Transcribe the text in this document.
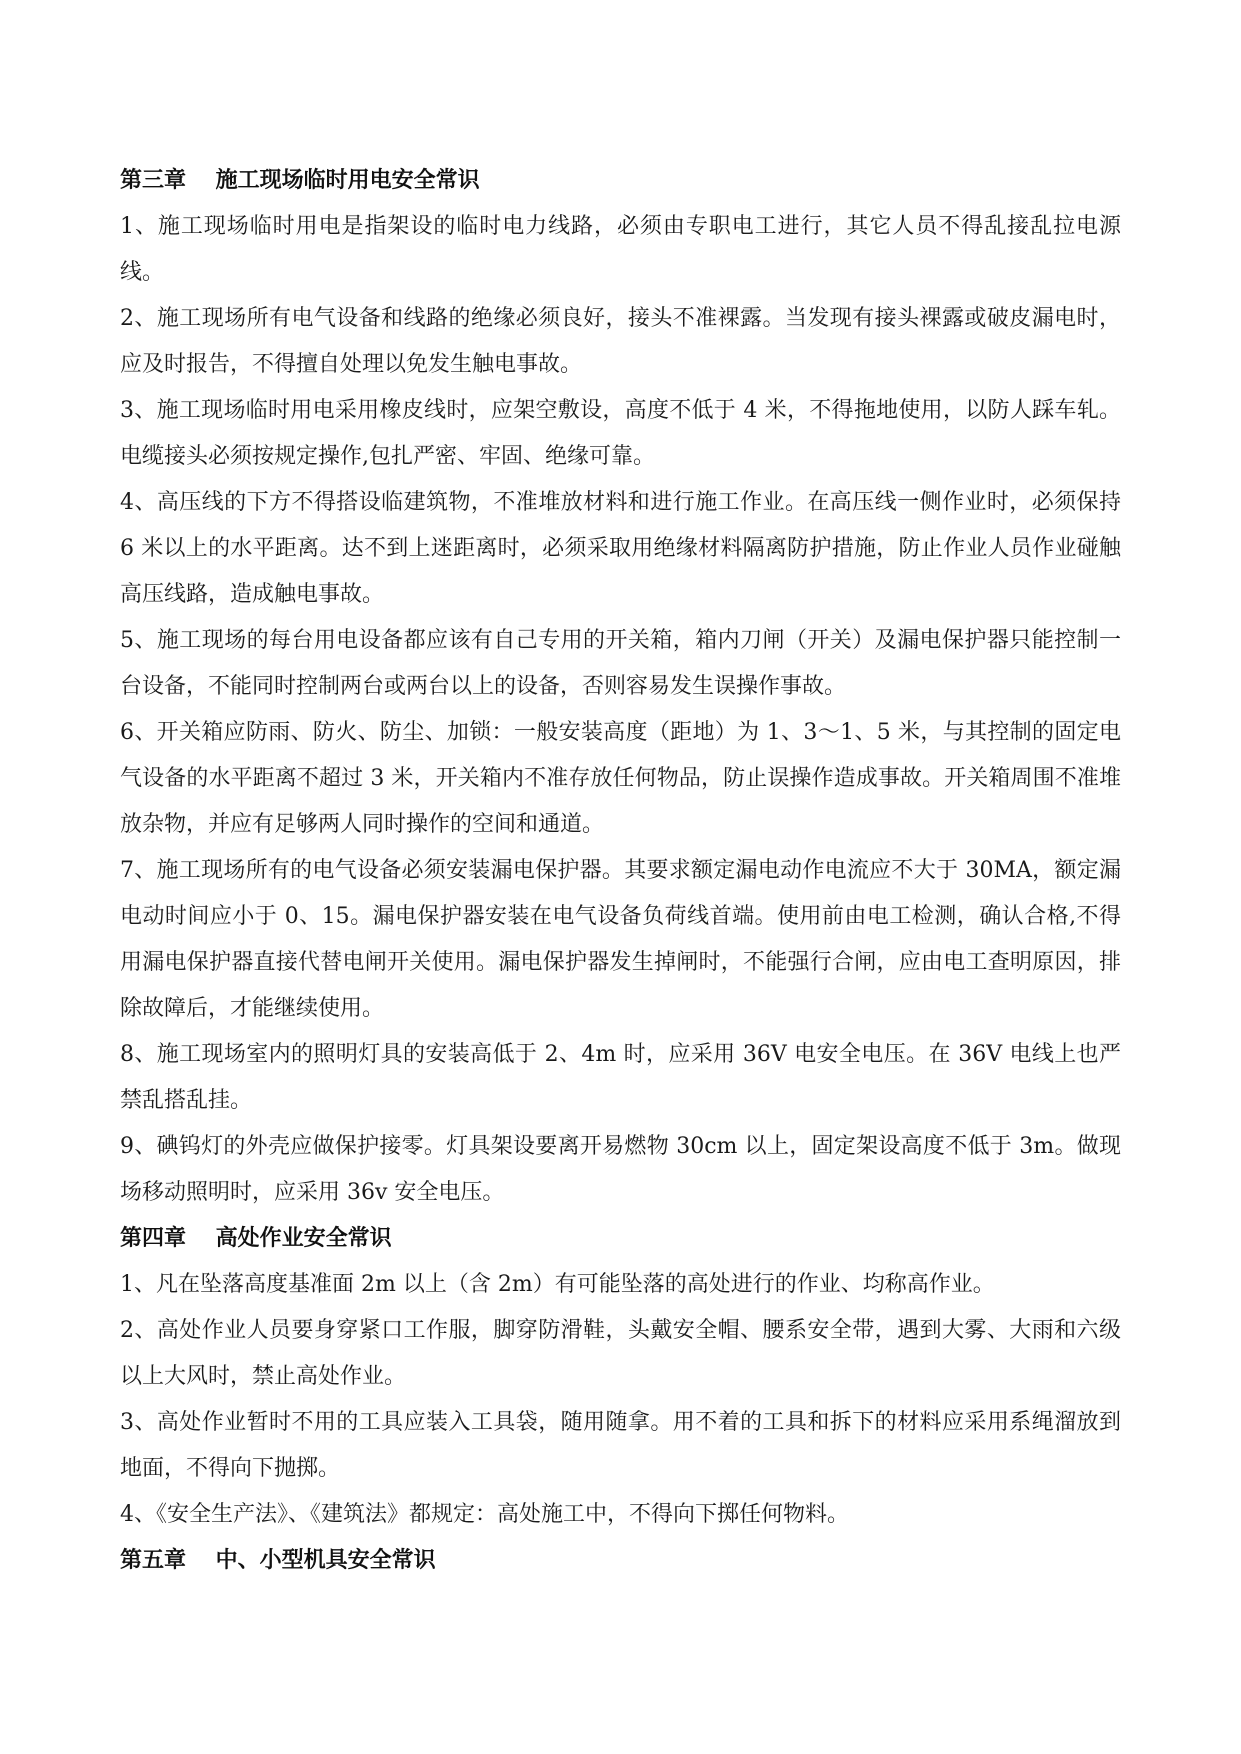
第三章　 施工现场临时用电安全常识

1、施工现场临时用电是指架设的临时电力线路，必须由专职电工进行，其它人员不得乱接乱拉电源线。

2、施工现场所有电气设备和线路的绝缘必须良好，接头不准裸露。当发现有接头裸露或破皮漏电时，应及时报告，不得擅自处理以免发生触电事故。

3、施工现场临时用电采用橡皮线时，应架空敷设，高度不低于 4 米，不得拖地使用，以防人踩车轧。电缆接头必须按规定操作,包扎严密、牢固、绝缘可靠。

4、高压线的下方不得搭设临建筑物，不准堆放材料和进行施工作业。在高压线一侧作业时，必须保持 6 米以上的水平距离。达不到上迷距离时，必须采取用绝缘材料隔离防护措施，防止作业人员作业碰触高压线路，造成触电事故。

5、施工现场的每台用电设备都应该有自己专用的开关箱，箱内刀闸（开关）及漏电保护器只能控制一台设备，不能同时控制两台或两台以上的设备，否则容易发生误操作事故。

6、开关箱应防雨、防火、防尘、加锁：一般安装高度（距地）为 1、3～1、5 米，与其控制的固定电气设备的水平距离不超过 3 米，开关箱内不准存放任何物品，防止误操作造成事故。开关箱周围不准堆放杂物，并应有足够两人同时操作的空间和通道。

7、施工现场所有的电气设备必须安装漏电保护器。其要求额定漏电动作电流应不大于 30MA，额定漏电动时间应小于 0、15。漏电保护器安装在电气设备负荷线首端。使用前由电工检测，确认合格,不得用漏电保护器直接代替电闸开关使用。漏电保护器发生掉闸时，不能强行合闸，应由电工查明原因，排除故障后，才能继续使用。

8、施工现场室内的照明灯具的安装高低于 2、4m 时，应采用 36V 电安全电压。在 36V 电线上也严禁乱搭乱挂。

9、碘钨灯的外壳应做保护接零。灯具架设要离开易燃物 30cm 以上，固定架设高度不低于 3m。做现场移动照明时，应采用 36v 安全电压。

第四章　 高处作业安全常识

1、凡在坠落高度基准面 2m 以上（含 2m）有可能坠落的高处进行的作业、均称高作业。

2、高处作业人员要身穿紧口工作服，脚穿防滑鞋，头戴安全帽、腰系安全带，遇到大雾、大雨和六级以上大风时，禁止高处作业。

3、高处作业暂时不用的工具应装入工具袋，随用随拿。用不着的工具和拆下的材料应采用系绳溜放到地面，不得向下抛掷。

4、《安全生产法》、《建筑法》都规定：高处施工中，不得向下掷任何物料。

第五章　 中、小型机具安全常识
